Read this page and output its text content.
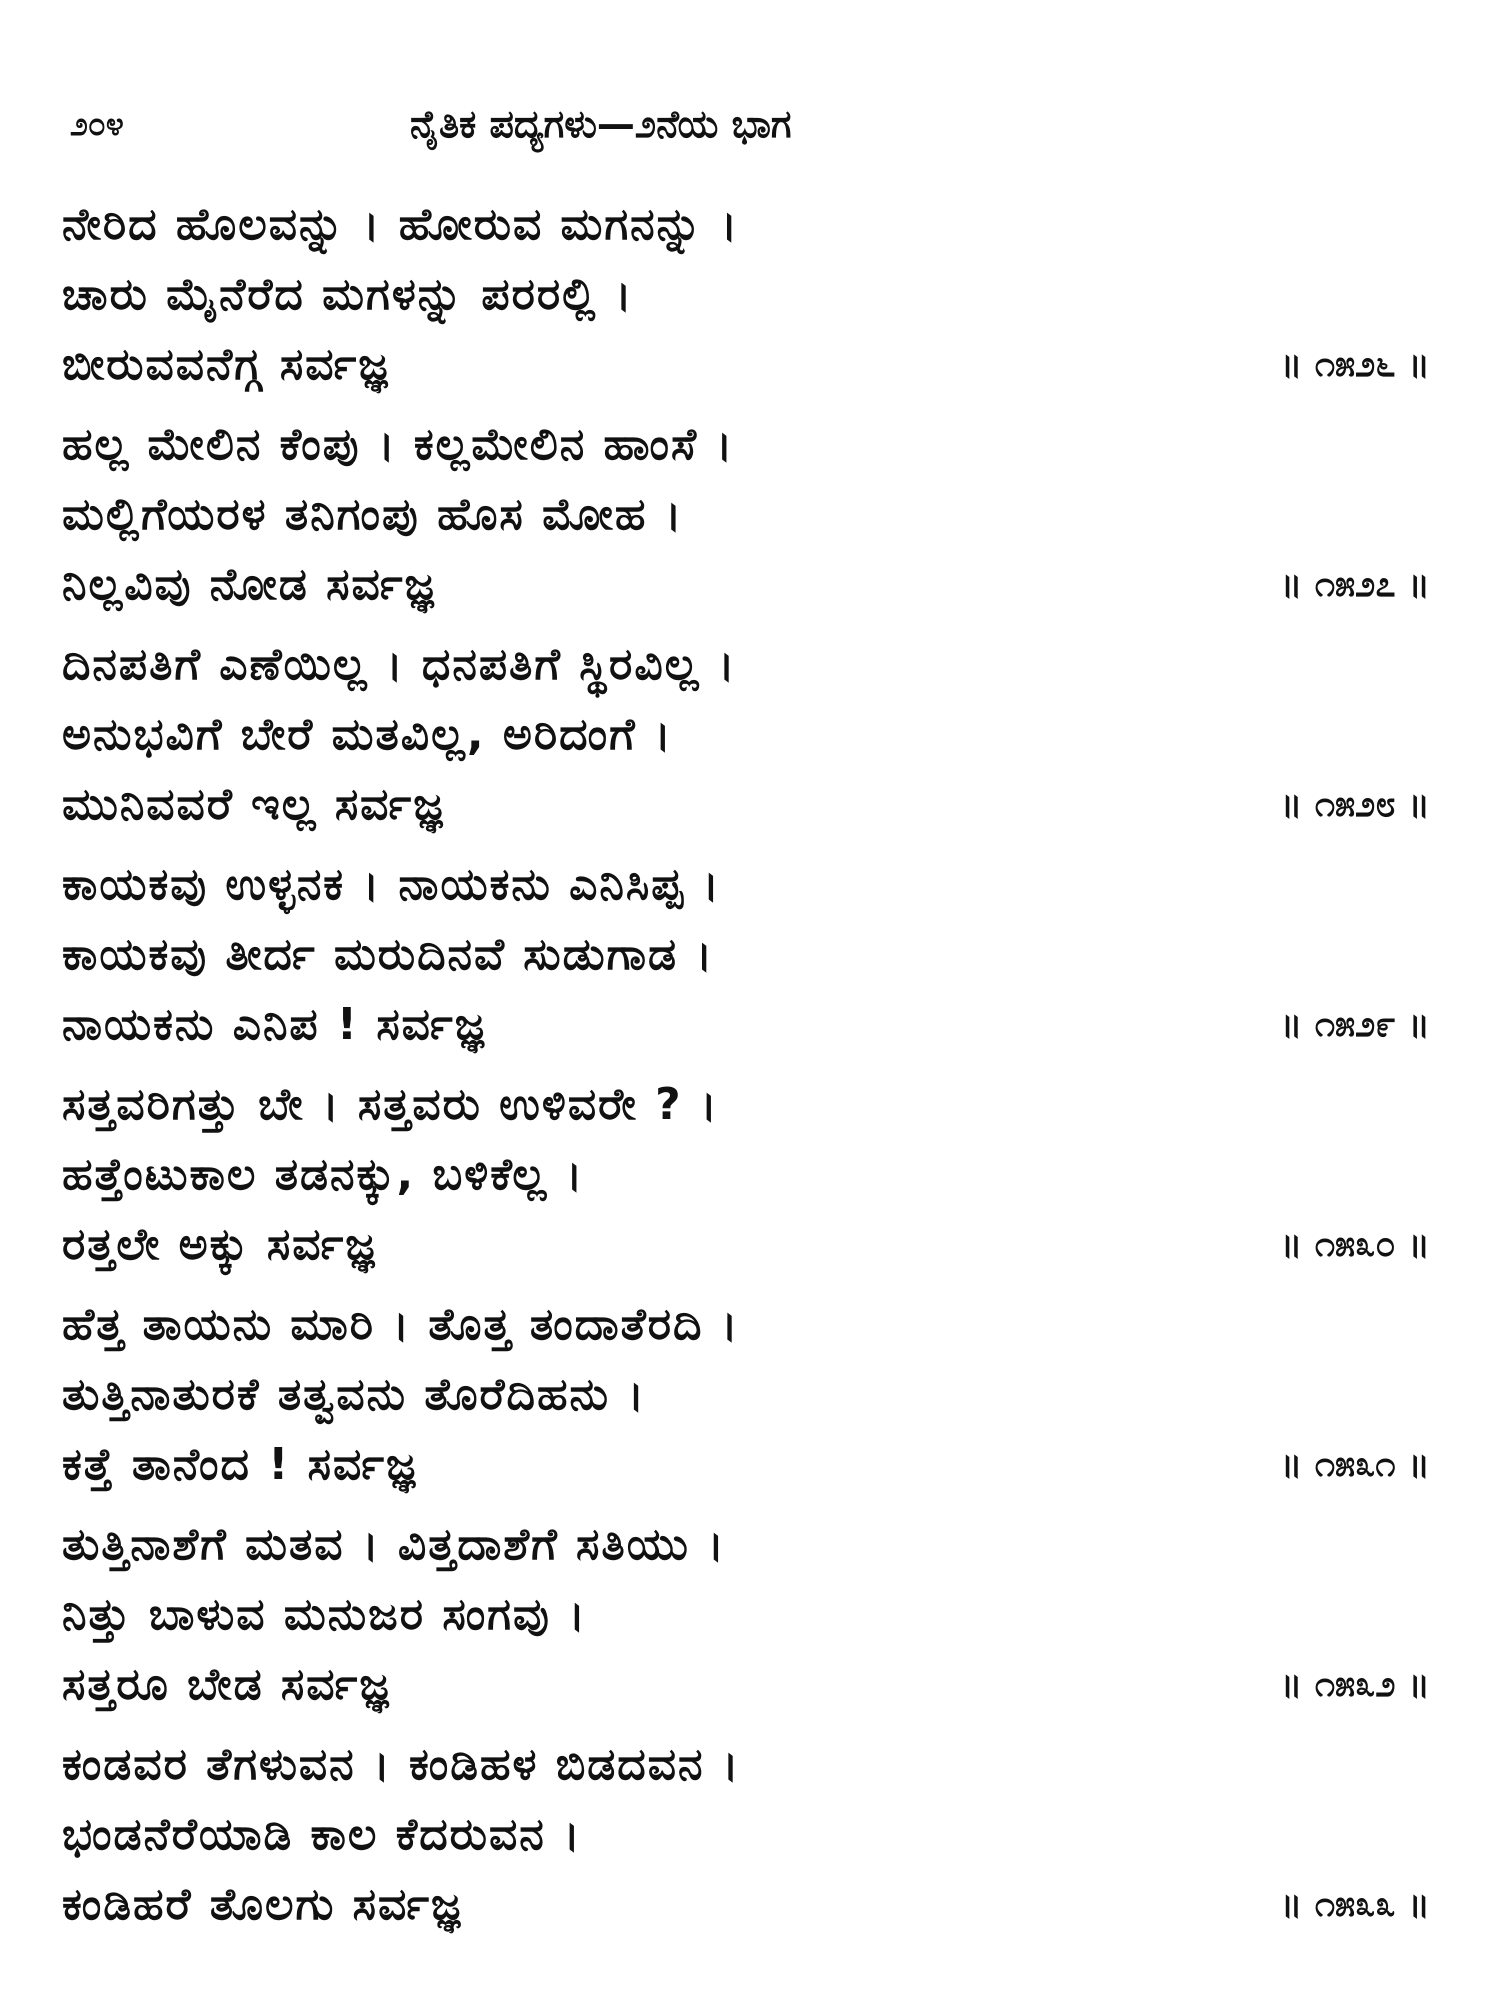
೨೦೪	ನೈತಿಕ ಪದ್ಯಗಳು—೨ನೆಯ ಭಾಗ
ನೇರಿದ ಹೊಲವನ್ನು । ಹೋರುವ ಮಗನನ್ನು ।
ಚಾರು ಮೈನೆರೆದ ಮಗಳನ್ನು ಪರರಲ್ಲಿ ।
ಬೀರುವವನೆಗ್ಗ ಸರ್ವಜ್ಞ	॥ ೧೫೨೬ ॥
ಹಲ್ಲ ಮೇಲಿನ ಕೆಂಪು । ಕಲ್ಲಮೇಲಿನ ಹಾಂಸೆ ।
ಮಲ್ಲಿಗೆಯರಳ ತನಿಗಂಪು ಹೊಸ ಮೋಹ ।
ನಿಲ್ಲವಿವು ನೋಡ ಸರ್ವಜ್ಞ	॥ ೧೫೨೭ ॥
ದಿನಪತಿಗೆ ಎಣೆಯಿಲ್ಲ । ಧನಪತಿಗೆ ಸ್ಥಿರವಿಲ್ಲ ।
ಅನುಭವಿಗೆ ಬೇರೆ ಮತವಿಲ್ಲ, ಅರಿದಂಗೆ ।
ಮುನಿವವರೆ ಇಲ್ಲ ಸರ್ವಜ್ಞ	॥ ೧೫೨೮ ॥
ಕಾಯಕವು ಉಳ್ಳನಕ । ನಾಯಕನು ಎನಿಸಿಪ್ಪ ।
ಕಾಯಕವು ತೀರ್ದ ಮರುದಿನವೆ ಸುಡುಗಾಡ ।
ನಾಯಕನು ಎನಿಪ ! ಸರ್ವಜ್ಞ	॥ ೧೫೨೯ ॥
ಸತ್ತವರಿಗತ್ತು ಬೇ । ಸತ್ತವರು ಉಳಿವರೇ ? ।
ಹತ್ತೆಂಟುಕಾಲ ತಡನಕ್ಕು, ಬಳಿಕೆಲ್ಲ ।
ರತ್ತಲೇ ಅಕ್ಕು ಸರ್ವಜ್ಞ	॥ ೧೫೩೦ ॥
ಹೆತ್ತ ತಾಯನು ಮಾರಿ । ತೊತ್ತ ತಂದಾತೆರದಿ ।
ತುತ್ತಿನಾತುರಕೆ ತತ್ವವನು ತೊರೆದಿಹನು ।
ಕತ್ತೆ ತಾನೆಂದ ! ಸರ್ವಜ್ಞ	॥ ೧೫೩೧ ॥
ತುತ್ತಿನಾಶೆಗೆ ಮತವ । ವಿತ್ತದಾಶೆಗೆ ಸತಿಯು ।
ನಿತ್ತು ಬಾಳುವ ಮನುಜರ ಸಂಗವು ।
ಸತ್ತರೂ ಬೇಡ ಸರ್ವಜ್ಞ	॥ ೧೫೩೨ ॥
ಕಂಡವರ ತೆಗಳುವನ । ಕಂಡಿಹಳ ಬಿಡದವನ ।
ಭಂಡನೆರೆಯಾಡಿ ಕಾಲ ಕೆದರುವನ ।
ಕಂಡಿಹರೆ ತೊಲಗು ಸರ್ವಜ್ಞ	॥ ೧೫೩೩ ॥
